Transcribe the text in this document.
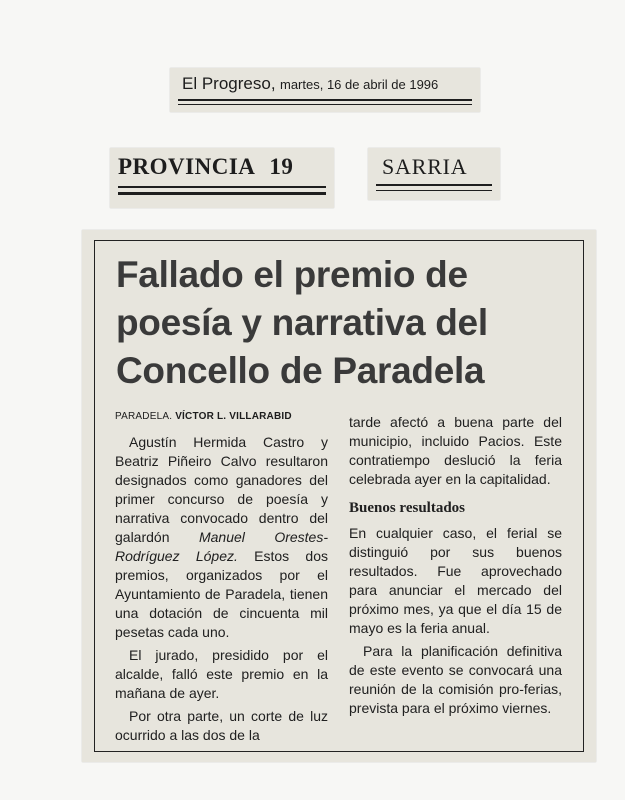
El Progreso, martes, 16 de abril de 1996
PROVINCIA 19	SARRIA
Fallado el premio de
poesía y narrativa del
Concello de Paradela
PARADELA. VÍCTOR L. VILLARABID

Agustín Hermida Castro y Beatriz Piñeiro Calvo resultaron designados como ganadores del primer concurso de poesía y narrativa convocado dentro del galardón Manuel Orestes-Rodríguez López. Estos dos premios, organizados por el Ayuntamiento de Paradela, tienen una dotación de cincuenta mil pesetas cada uno.

El jurado, presidido por el alcalde, falló este premio en la mañana de ayer.

Por otra parte, un corte de luz ocurrido a las dos de la

tarde afectó a buena parte del municipio, incluido Pacios. Este contratiempo deslució la feria celebrada ayer en la capitalidad.

Buenos resultados

En cualquier caso, el ferial se distinguió por sus buenos resultados. Fue aprovechado para anunciar el mercado del próximo mes, ya que el día 15 de mayo es la feria anual.

Para la planificación definitiva de este evento se convocará una reunión de la comisión pro-ferias, prevista para el próximo viernes.
